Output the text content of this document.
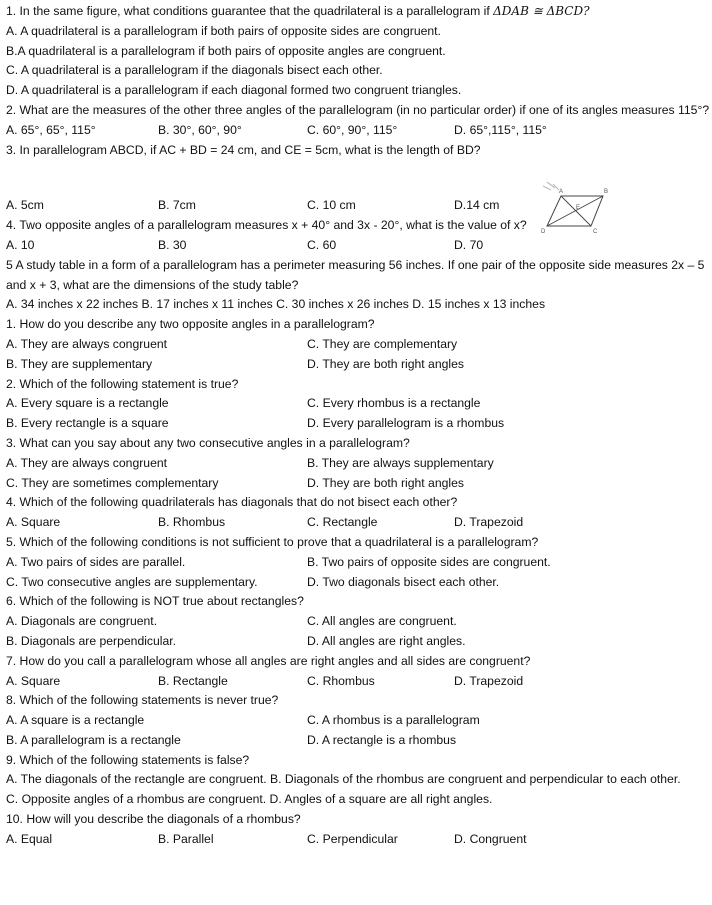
1. In the same figure, what conditions guarantee that the quadrilateral is a parallelogram if ΔDAB ≅ ΔBCD?
A. A quadrilateral is a parallelogram if both pairs of opposite sides are congruent.
B.A quadrilateral is a parallelogram if both pairs of opposite angles are congruent.
C. A quadrilateral is a parallelogram if the diagonals bisect each other.
D. A quadrilateral is a parallelogram if each diagonal formed two congruent triangles.
2. What are the measures of the other three angles of the parallelogram (in no particular order) if one of its angles measures 115°?
A. 65°, 65°, 115°	B. 30°, 60°, 90°	C. 60°, 90°, 115°	D. 65°,115°, 115°
3. In parallelogram ABCD, if AC + BD = 24 cm, and CE = 5cm, what is the length of BD?
A. 5cm	B. 7cm	C. 10 cm	D.14 cm
4. Two opposite angles of a parallelogram measures x + 40° and 3x - 20°, what is the value of x?
A. 10	B. 30	C. 60	D. 70
5 A study table in a form of a parallelogram has a perimeter measuring 56 inches. If one pair of the opposite side measures 2x – 5 and x + 3, what are the dimensions of the study table?
A. 34 inches x 22 inches B. 17 inches x 11 inches C. 30 inches x 26 inches D. 15 inches x 13 inches
1. How do you describe any two opposite angles in a parallelogram?
A. They are always congruent	C. They are complementary
B. They are supplementary	D. They are both right angles
2. Which of the following statement is true?
A. Every square is a rectangle	C. Every rhombus is a rectangle
B. Every rectangle is a square	D. Every parallelogram is a rhombus
3. What can you say about any two consecutive angles in a parallelogram?
A. They are always congruent	B. They are always supplementary
C. They are sometimes complementary	D. They are both right angles
4. Which of the following quadrilaterals has diagonals that do not bisect each other?
A. Square	B. Rhombus	C. Rectangle	D. Trapezoid
5. Which of the following conditions is not sufficient to prove that a quadrilateral is a parallelogram?
A. Two pairs of sides are parallel.	B. Two pairs of opposite sides are congruent.
C. Two consecutive angles are supplementary.	D. Two diagonals bisect each other.
6. Which of the following is NOT true about rectangles?
A. Diagonals are congruent.	C. All angles are congruent.
B. Diagonals are perpendicular.	D. All angles are right angles.
7. How do you call a parallelogram whose all angles are right angles and all sides are congruent?
A. Square	B. Rectangle	C. Rhombus	D. Trapezoid
8. Which of the following statements is never true?
A. A square is a rectangle	C. A rhombus is a parallelogram
B. A parallelogram is a rectangle	D. A rectangle is a rhombus
9. Which of the following statements is false?
A. The diagonals of the rectangle are congruent. B. Diagonals of the rhombus are congruent and perpendicular to each other.
C. Opposite angles of a rhombus are congruent. D. Angles of a square are all right angles.
10. How will you describe the diagonals of a rhombus?
A. Equal	B. Parallel	C. Perpendicular	D. Congruent
A	B
C
D
E
